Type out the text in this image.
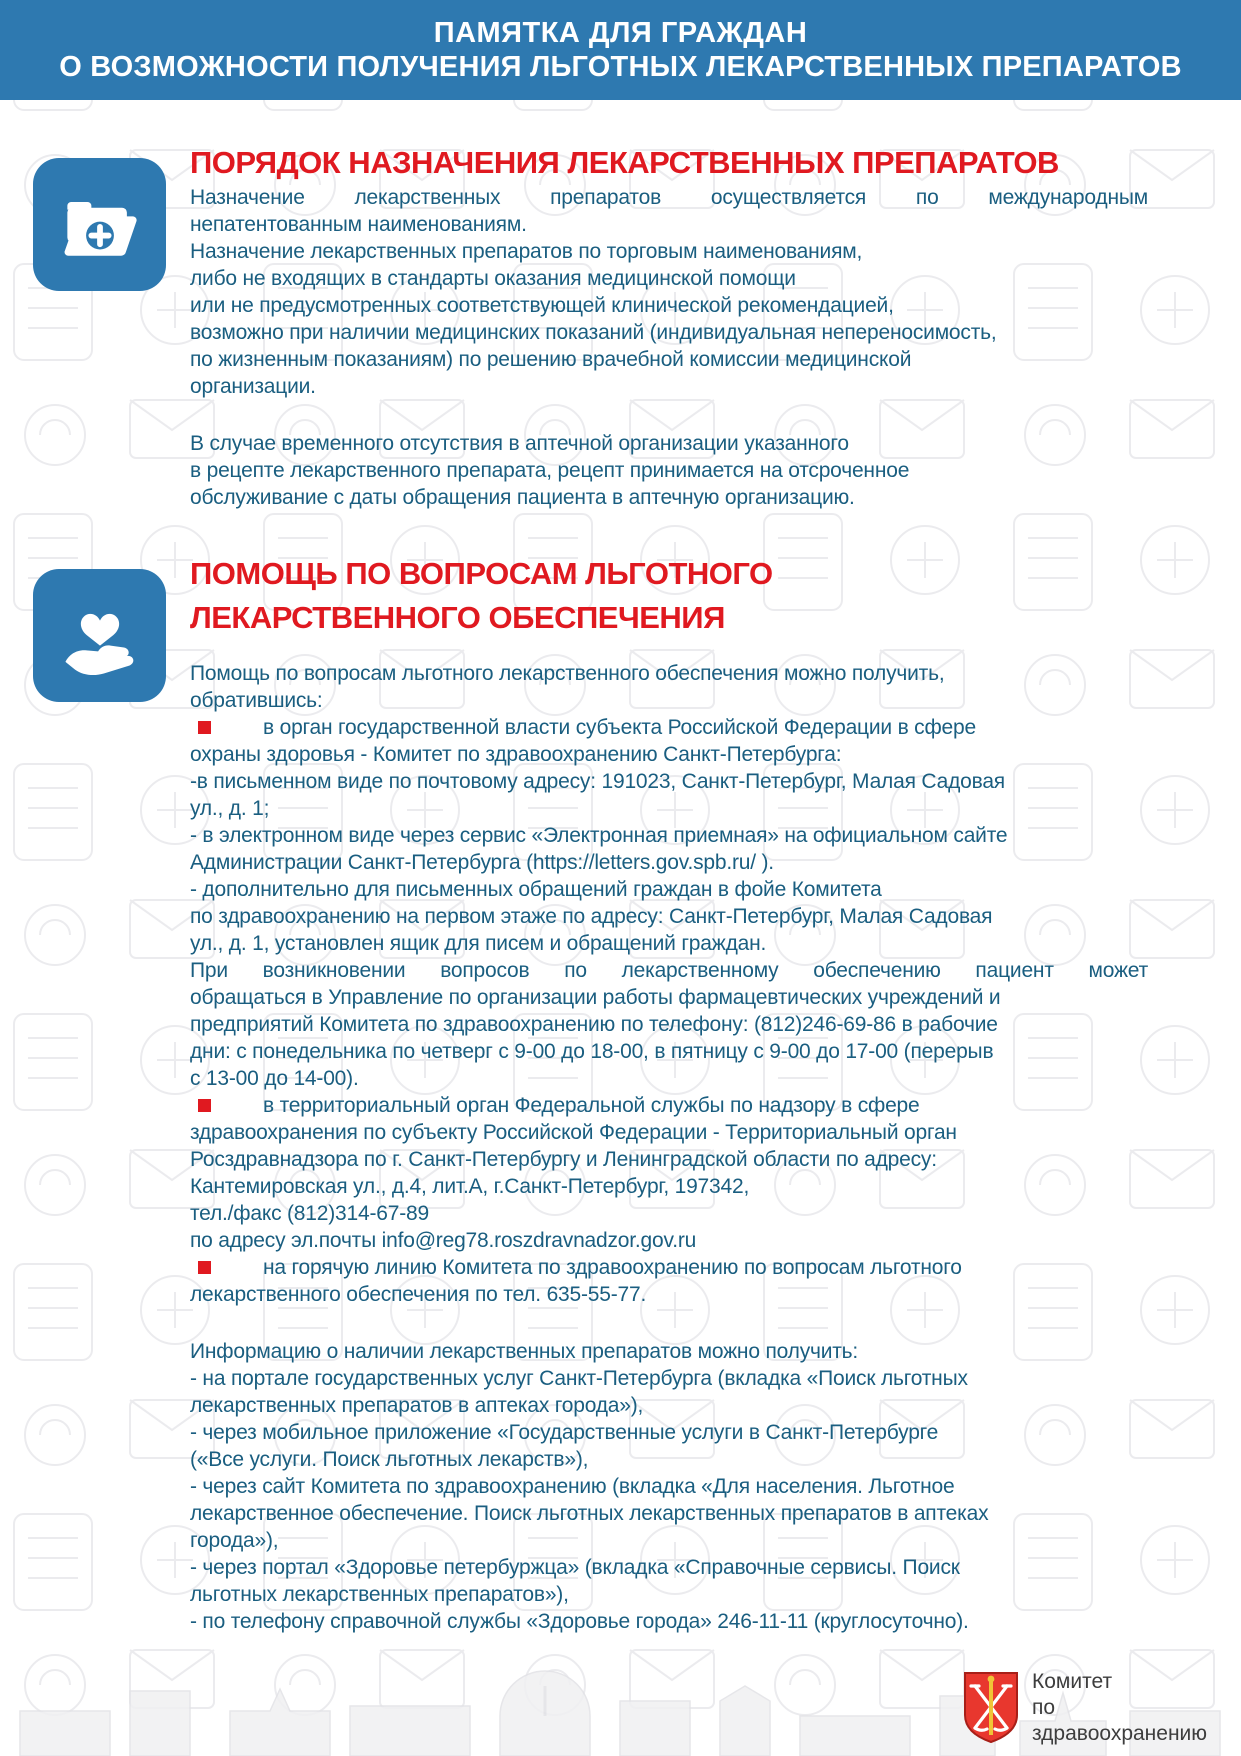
ПАМЯТКА ДЛЯ ГРАЖДАН
О ВОЗМОЖНОСТИ ПОЛУЧЕНИЯ ЛЬГОТНЫХ ЛЕКАРСТВЕННЫХ ПРЕПАРАТОВ
ПОРЯДОК НАЗНАЧЕНИЯ ЛЕКАРСТВЕННЫХ ПРЕПАРАТОВ
Назначение лекарственных препаратов осуществляется по международным
непатентованным наименованиям.
Назначение лекарственных препаратов по торговым наименованиям,
либо не входящих в стандарты оказания медицинской помощи
или не предусмотренных соответствующей клинической рекомендацией,
возможно при наличии медицинских показаний (индивидуальная непереносимость,
по жизненным показаниям) по решению врачебной комиссии медицинской
организации.
В случае временного отсутствия в аптечной организации указанного
в рецепте лекарственного препарата, рецепт принимается на отсроченное
обслуживание с даты обращения пациента в аптечную организацию.
ПОМОЩЬ ПО ВОПРОСАМ ЛЬГОТНОГО
ЛЕКАРСТВЕННОГО ОБЕСПЕЧЕНИЯ
Помощь по вопросам льготного лекарственного обеспечения можно получить,
обратившись:
в орган государственной власти субъекта Российской Федерации в сфере
охраны здоровья - Комитет по здравоохранению Санкт-Петербурга:
-в письменном виде по почтовому адресу: 191023, Санкт-Петербург, Малая Садовая
ул., д. 1;
- в электронном виде через сервис «Электронная приемная» на официальном сайте
Администрации Санкт-Петербурга (https://letters.gov.spb.ru/ ).
- дополнительно для письменных обращений граждан в фойе Комитета
по здравоохранению на первом этаже по адресу: Санкт-Петербург, Малая Садовая
ул., д. 1, установлен ящик для писем и обращений граждан.
При возникновении вопросов по лекарственному обеспечению пациент может
обращаться в Управление по организации работы фармацевтических учреждений и
предприятий Комитета по здравоохранению по телефону: (812)246-69-86 в рабочие
дни: с понедельника по четверг с 9-00 до 18-00, в пятницу с 9-00 до 17-00 (перерыв
с 13-00 до 14-00).
в территориальный орган Федеральной службы по надзору в сфере
здравоохранения по субъекту Российской Федерации - Территориальный орган
Росздравнадзора по г. Санкт-Петербургу и Ленинградской области по адресу:
Кантемировская ул., д.4, лит.А, г.Санкт-Петербург, 197342,
тел./факс (812)314-67-89
по адресу эл.почты info@reg78.roszdravnadzor.gov.ru
на горячую линию Комитета по здравоохранению по вопросам льготного
лекарственного обеспечения по тел. 635-55-77.
Информацию о наличии лекарственных препаратов можно получить:
- на портале государственных услуг Санкт-Петербурга (вкладка «Поиск льготных
лекарственных препаратов в аптеках города»),
- через мобильное приложение «Государственные услуги в Санкт-Петербурге
(«Все услуги. Поиск льготных лекарств»),
- через сайт Комитета по здравоохранению (вкладка «Для населения. Льготное
лекарственное обеспечение. Поиск льготных лекарственных препаратов в аптеках
города»),
- через портал «Здоровье петербуржца» (вкладка «Справочные сервисы. Поиск
льготных лекарственных препаратов»),
- по телефону справочной службы «Здоровье города» 246-11-11 (круглосуточно).
Комитет
по здравоохранению
